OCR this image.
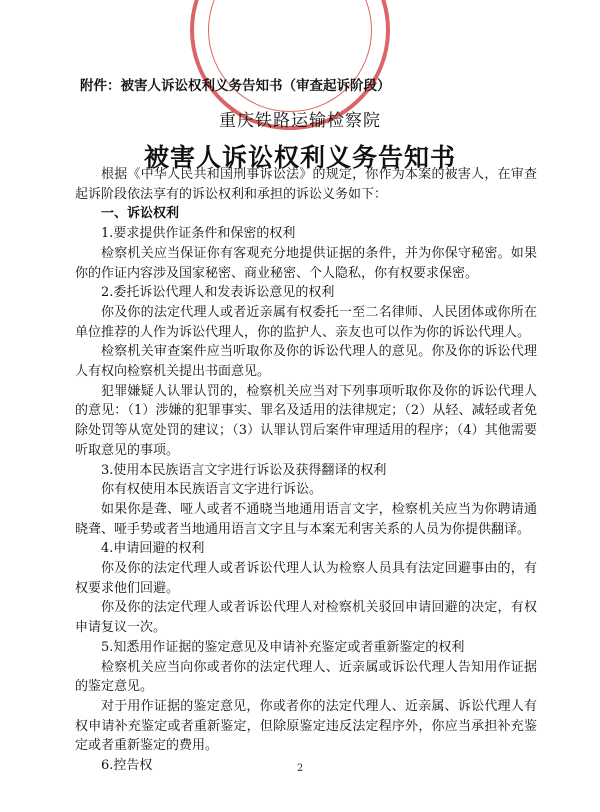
附件：被害人诉讼权利义务告知书（审查起诉阶段）
重庆铁路运输检察院
被害人诉讼权利义务告知书

根据《中华人民共和国刑事诉讼法》的规定，你作为本案的被害人，在审查起诉阶段依法享有的诉讼权利和承担的诉讼义务如下：

一、诉讼权利

1.要求提供作证条件和保密的权利

检察机关应当保证你有客观充分地提供证据的条件，并为你保守秘密。如果你的作证内容涉及国家秘密、商业秘密、个人隐私，你有权要求保密。

2.委托诉讼代理人和发表诉讼意见的权利

你及你的法定代理人或者近亲属有权委托一至二名律师、人民团体或你所在单位推荐的人作为诉讼代理人，你的监护人、亲友也可以作为你的诉讼代理人。

检察机关审查案件应当听取你及你的诉讼代理人的意见。你及你的诉讼代理人有权向检察机关提出书面意见。

犯罪嫌疑人认罪认罚的，检察机关应当对下列事项听取你及你的诉讼代理人的意见：（1）涉嫌的犯罪事实、罪名及适用的法律规定；（2）从轻、减轻或者免除处罚等从宽处罚的建议；（3）认罪认罚后案件审理适用的程序；（4）其他需要听取意见的事项。

3.使用本民族语言文字进行诉讼及获得翻译的权利

你有权使用本民族语言文字进行诉讼。

如果你是聋、哑人或者不通晓当地通用语言文字，检察机关应当为你聘请通晓聋、哑手势或者当地通用语言文字且与本案无利害关系的人员为你提供翻译。

4.申请回避的权利

你及你的法定代理人或者诉讼代理人认为检察人员具有法定回避事由的，有权要求他们回避。

你及你的法定代理人或者诉讼代理人对检察机关驳回申请回避的决定，有权申请复议一次。

5.知悉用作证据的鉴定意见及申请补充鉴定或者重新鉴定的权利

检察机关应当向你或者你的法定代理人、近亲属或诉讼代理人告知用作证据的鉴定意见。

对于用作证据的鉴定意见，你或者你的法定代理人、近亲属、诉讼代理人有权申请补充鉴定或者重新鉴定，但除原鉴定违反法定程序外，你应当承担补充鉴定或者重新鉴定的费用。

6.控告权	2
